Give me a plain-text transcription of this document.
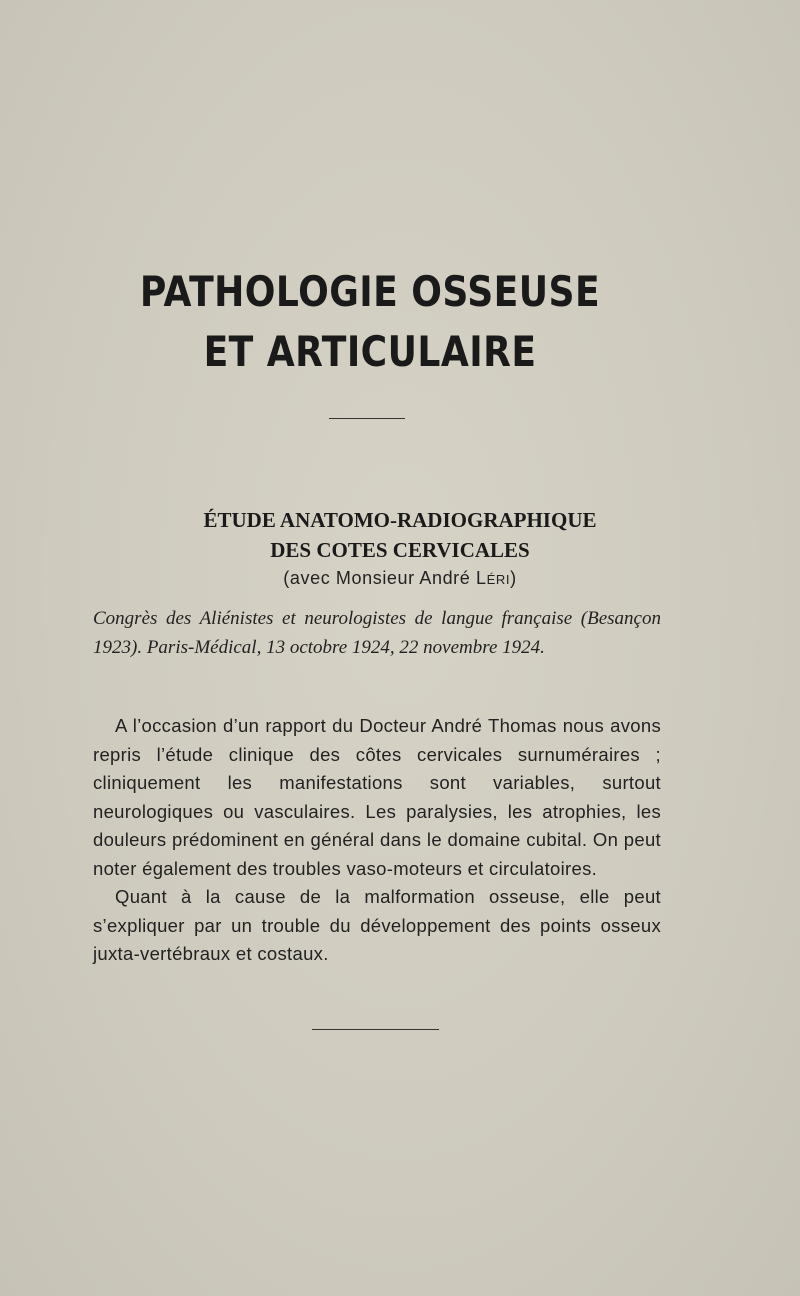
PATHOLOGIE OSSEUSE
ET ARTICULAIRE
ÉTUDE ANATOMO-RADIOGRAPHIQUE
DES COTES CERVICALES
(avec Monsieur André Léri)
Congrès des Aliénistes et neurologistes de langue française (Besançon 1923). Paris-Médical, 13 octobre 1924, 22 novembre 1924.

A l’occasion d’un rapport du Docteur André Thomas nous avons repris l’étude clinique des côtes cervicales surnuméraires ; cliniquement les manifestations sont variables, surtout neurologiques ou vasculaires. Les paralysies, les atrophies, les douleurs prédominent en général dans le domaine cubital. On peut noter également des troubles vaso-moteurs et circulatoires.

Quant à la cause de la malformation osseuse, elle peut s’expliquer par un trouble du développement des points osseux juxta-vertébraux et costaux.
